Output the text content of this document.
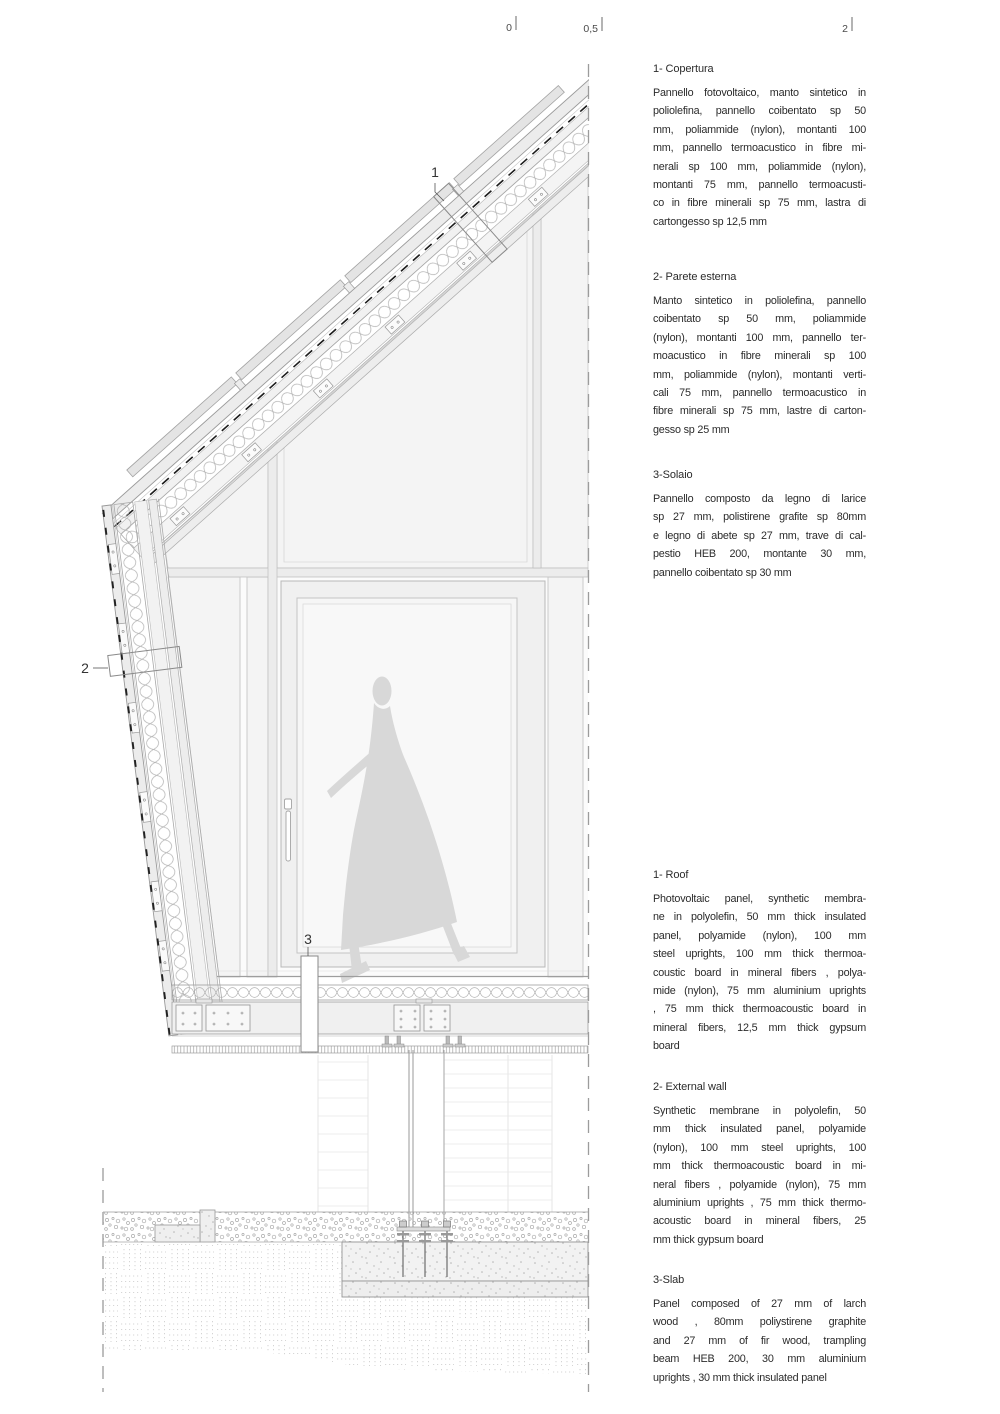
1
2
3
0	0,5	2
1- Copertura

Pannello fotovoltaico, manto sintetico in
poliolefina, pannello coibentato sp 50
mm, poliammide (nylon), montanti 100
mm, pannello termoacustico in fibre mi-
nerali sp 100 mm, poliammide (nylon),
montanti 75 mm, pannello termoacusti-
co in fibre minerali sp 75 mm, lastra di
cartongesso sp 12,5 mm

2- Parete esterna

Manto sintetico in poliolefina, pannello
coibentato sp 50 mm, poliammide
(nylon), montanti 100 mm, pannello ter-
moacustico in fibre minerali sp 100
mm, poliammide (nylon), montanti verti-
cali 75 mm, pannello termoacustico in
fibre minerali sp 75 mm, lastre di carton-
gesso sp 25 mm

3-Solaio

Pannello composto da legno di larice
sp 27 mm, polistirene grafite sp 80mm
e legno di abete sp 27 mm, trave di cal-
pestio HEB 200, montante 30 mm,
pannello coibentato sp 30 mm

1- Roof

Photovoltaic panel, synthetic membra-
ne in polyolefin, 50 mm thick insulated
panel, polyamide (nylon), 100 mm
steel uprights, 100 mm thick thermoa-
coustic board in mineral fibers , polya-
mide (nylon), 75 mm aluminium uprights
, 75 mm thick thermoacoustic board in
mineral fibers, 12,5 mm thick gypsum
board

2- External wall

Synthetic membrane in polyolefin, 50
mm thick insulated panel, polyamide
(nylon), 100 mm steel uprights, 100
mm thick thermoacoustic board in mi-
neral fibers , polyamide (nylon), 75 mm
aluminium uprights , 75 mm thick thermo-
acoustic board in mineral fibers, 25
mm thick gypsum board

3-Slab

Panel composed of 27 mm of larch
wood , 80mm poliystirene graphite
and 27 mm of fir wood, trampling
beam HEB 200, 30 mm aluminium
uprights , 30 mm thick insulated panel
